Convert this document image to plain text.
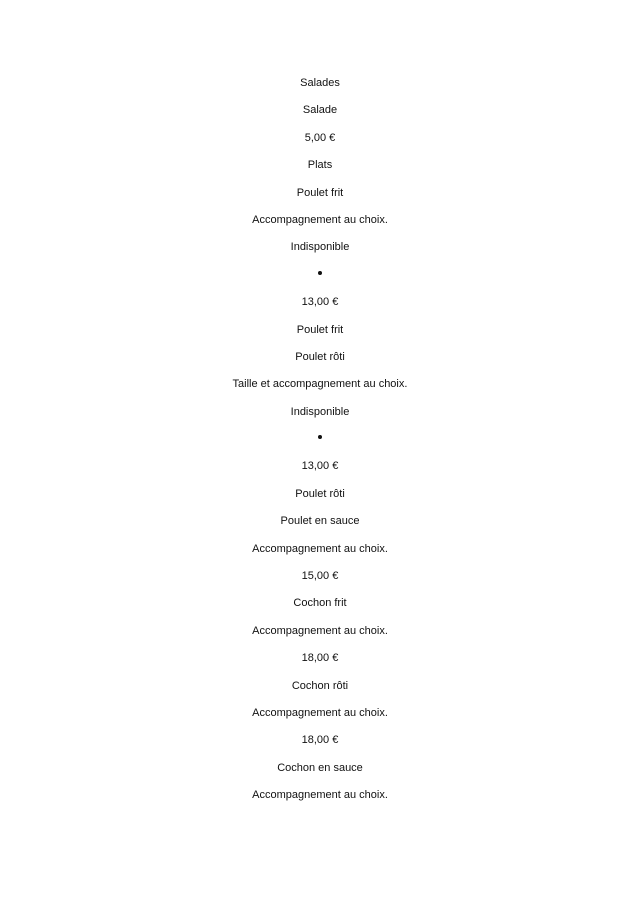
Salades
Salade
5,00 €
Plats
Poulet frit
Accompagnement au choix.
Indisponible
13,00 €
Poulet frit
Poulet rôti
Taille et accompagnement au choix.
Indisponible
13,00 €
Poulet rôti
Poulet en sauce
Accompagnement au choix.
15,00 €
Cochon frit
Accompagnement au choix.
18,00 €
Cochon rôti
Accompagnement au choix.
18,00 €
Cochon en sauce
Accompagnement au choix.
